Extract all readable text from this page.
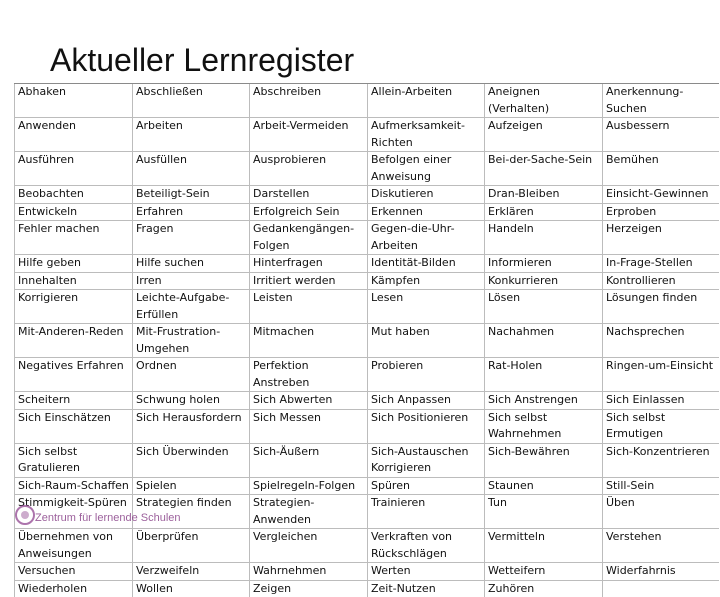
Aktueller Lernregister
Abhaken	Abschließen	Abschreiben	Allein-Arbeiten	Aneignen (Verhalten)	Anerkennung-Suchen
Anwenden	Arbeiten	Arbeit-Vermeiden	Aufmerksamkeit-Richten	Aufzeigen	Ausbessern
Ausführen	Ausfüllen	Ausprobieren	Befolgen einer Anweisung	Bei-der-Sache-Sein	Bemühen
Beobachten	Beteiligt-Sein	Darstellen	Diskutieren	Dran-Bleiben	Einsicht-Gewinnen
Entwickeln	Erfahren	Erfolgreich Sein	Erkennen	Erklären	Erproben
Fehler machen	Fragen	Gedankengängen-Folgen	Gegen-die-Uhr-Arbeiten	Handeln	Herzeigen
Hilfe geben	Hilfe suchen	Hinterfragen	Identität-Bilden	Informieren	In-Frage-Stellen
Innehalten	Irren	Irritiert werden	Kämpfen	Konkurrieren	Kontrollieren
Korrigieren	Leichte-Aufgabe-Erfüllen	Leisten	Lesen	Lösen	Lösungen finden
Mit-Anderen-Reden	Mit-Frustration-Umgehen	Mitmachen	Mut haben	Nachahmen	Nachsprechen
Negatives Erfahren	Ordnen	Perfektion Anstreben	Probieren	Rat-Holen	Ringen-um-Einsicht
Scheitern	Schwung holen	Sich Abwerten	Sich Anpassen	Sich Anstrengen	Sich Einlassen
Sich Einschätzen	Sich Herausfordern	Sich Messen	Sich Positionieren	Sich selbst Wahrnehmen	Sich selbst Ermutigen
Sich selbst Gratulieren	Sich Überwinden	Sich-Äußern	Sich-Austauschen Korrigieren	Sich-Bewähren	Sich-Konzentrieren
Sich-Raum-Schaffen	Spielen	Spielregeln-Folgen	Spüren	Staunen	Still-Sein
Stimmigkeit-Spüren	Strategien finden	Strategien-Anwenden	Trainieren	Tun	Üben
Übernehmen von Anweisungen	Überprüfen	Vergleichen	Verkraften von Rückschlägen	Vermitteln	Verstehen
Versuchen	Verzweifeln	Wahrnehmen	Werten	Wetteifern	Widerfahrnis
Wiederholen	Wollen	Zeigen	Zeit-Nutzen	Zuhören	
Zentrum für lernende Schulen
